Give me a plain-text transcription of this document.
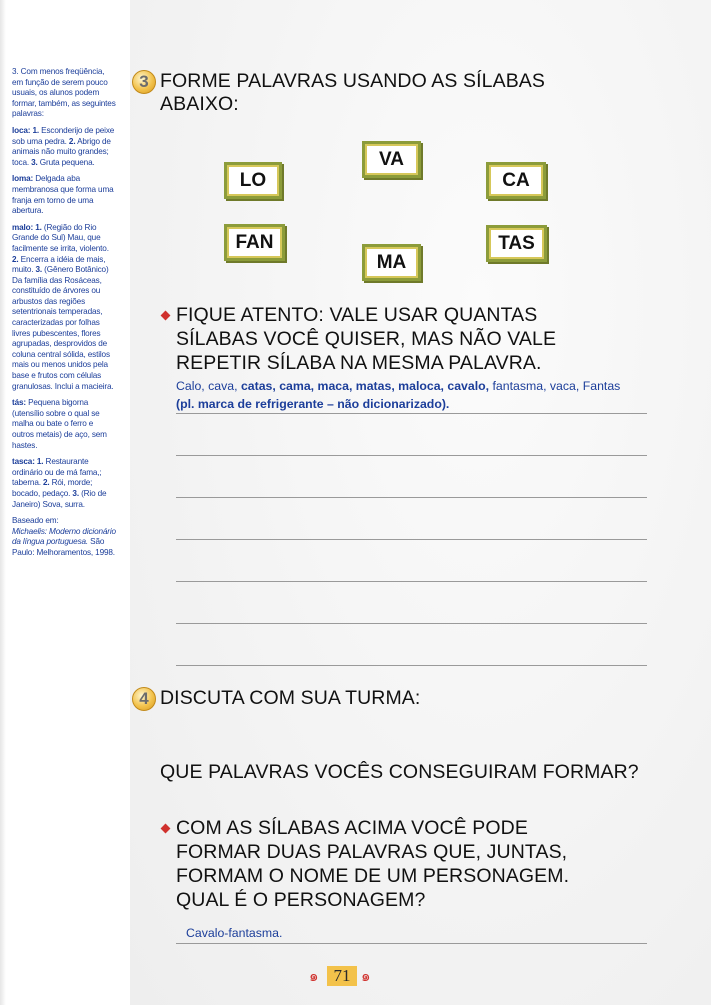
3. Com menos freqüência, em função de serem pouco usuais, os alunos podem formar, também, as seguintes palavras:

loca: 1. Esconderijo de peixe sob uma pedra. 2. Abrigo de animais não muito grandes; toca. 3. Gruta pequena.

loma: Delgada aba membranosa que forma uma franja em torno de uma abertura.

malo: 1. (Região do Rio Grande do Sul) Mau, que facilmente se irrita, violento. 2. Encerra a idéia de mais, muito. 3. (Gênero Botânico) Da família das Rosáceas, constituído de árvores ou arbustos das regiões setentrionais temperadas, caracterizadas por folhas livres pubescentes, flores agrupadas, desprovidos de coluna central sólida, estilos mais ou menos unidos pela base e frutos com células granulosas. Inclui a macieira.

tás: Pequena bigorna (utensílio sobre o qual se malha ou bate o ferro e outros metais) de aço, sem hastes.

tasca: 1. Restaurante ordinário ou de má fama,; taberna. 2. Rói, morde; bocado, pedaço. 3. (Rio de Janeiro) Sova, surra.

Baseado em:
Michaelis: Moderno dicionário da língua portuguesa. São Paulo: Melhoramentos, 1998.

3 FORME PALAVRAS USANDO AS SÍLABAS
ABAIXO:
VA
LO	CA
FAN	TAS
MA
FIQUE ATENTO: VALE USAR QUANTAS
SÍLABAS VOCÊ QUISER, MAS NÃO VALE
REPETIR SÍLABA NA MESMA PALAVRA.
Calo, cava, catas, cama, maca, matas, maloca, cavalo, fantasma, vaca, Fantas
(pl. marca de refrigerante – não dicionarizado).
4 DISCUTA COM SUA TURMA:
QUE PALAVRAS VOCÊS CONSEGUIRAM FORMAR?
COM AS SÍLABAS ACIMA VOCÊ PODE
FORMAR DUAS PALAVRAS QUE, JUNTAS,
FORMAM O NOME DE UM PERSONAGEM.
QUAL É O PERSONAGEM?
Cavalo-fantasma.
๑ 71 ๑
